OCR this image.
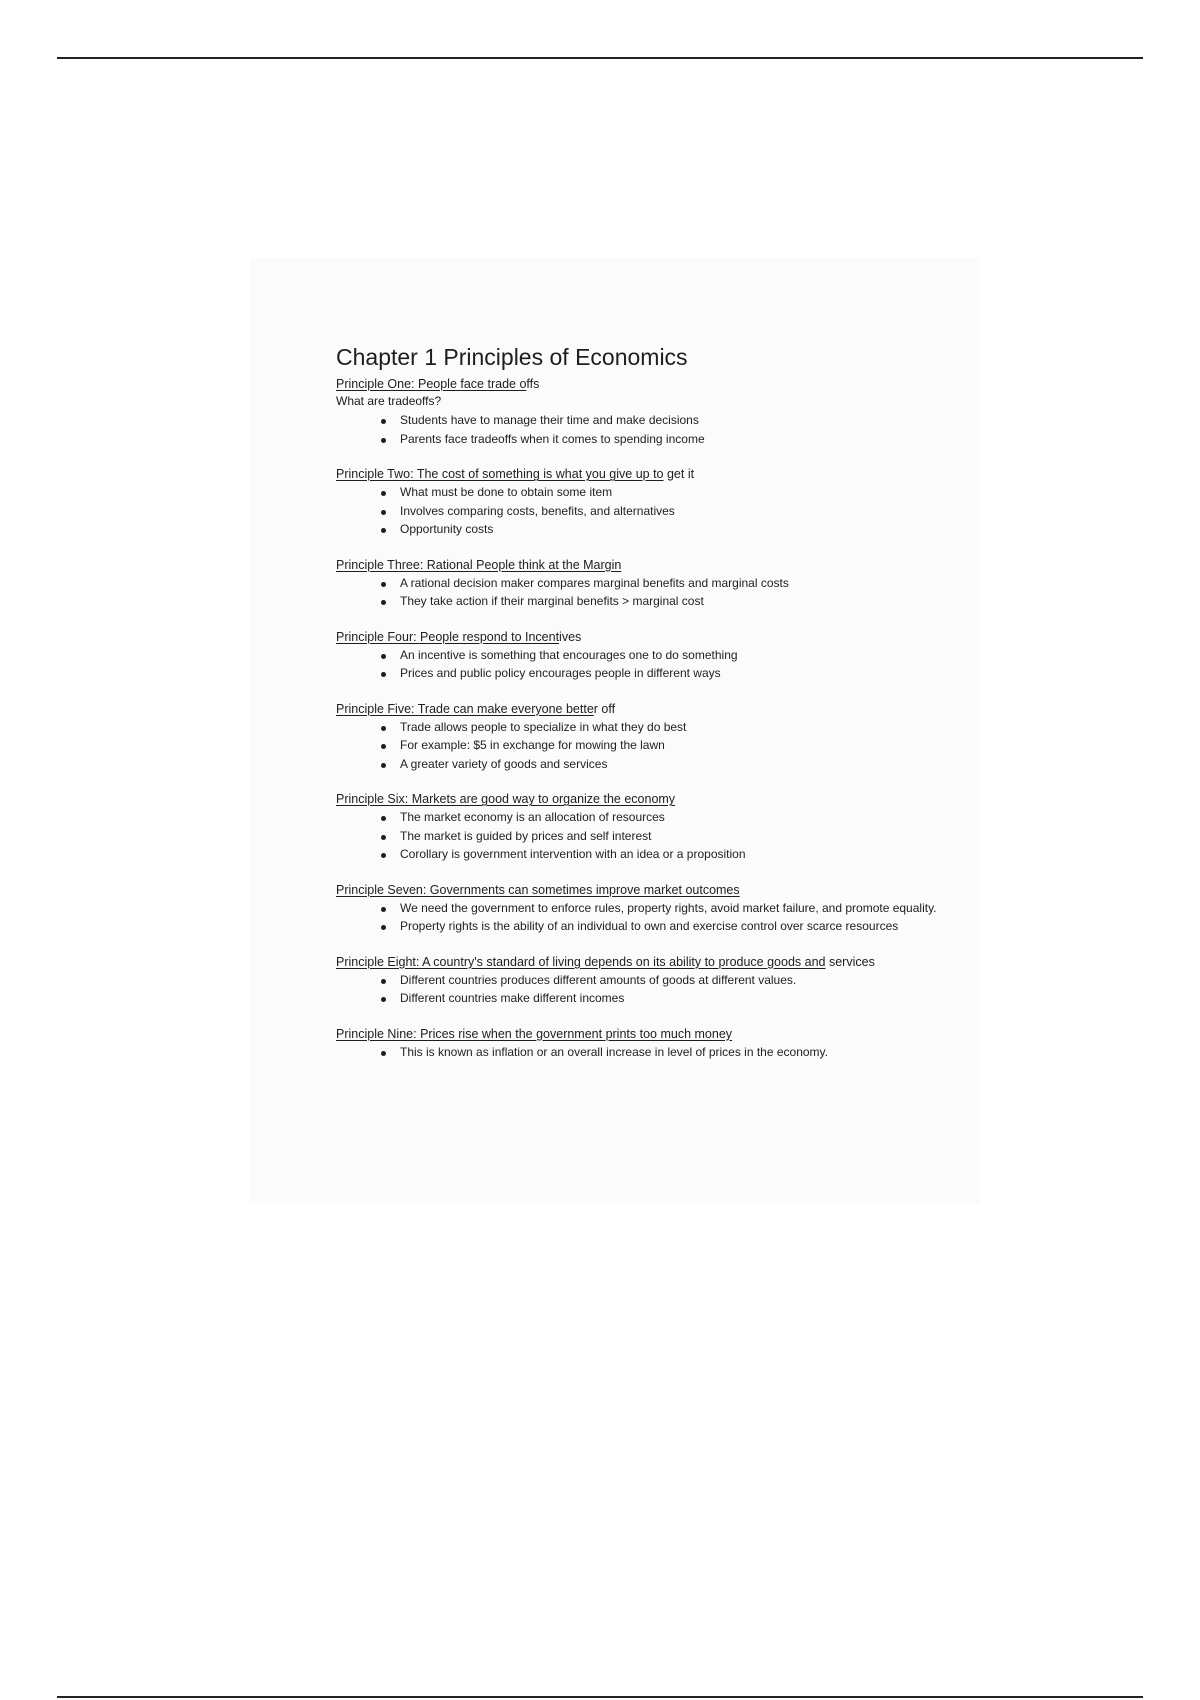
Chapter 1 Principles of Economics

Principle One: People face trade offs

What are tradeoffs?

Students have to manage their time and make decisions
Parents face tradeoffs when it comes to spending income

Principle Two: The cost of something is what you give up to get it

What must be done to obtain some item
Involves comparing costs, benefits, and alternatives
Opportunity costs

Principle Three: Rational People think at the Margin

A rational decision maker compares marginal benefits and marginal costs
They take action if their marginal benefits > marginal cost

Principle Four: People respond to Incentives

An incentive is something that encourages one to do something
Prices and public policy encourages people in different ways

Principle Five: Trade can make everyone better off

Trade allows people to specialize in what they do best
For example: $5 in exchange for mowing the lawn
A greater variety of goods and services

Principle Six: Markets are good way to organize the economy

The market economy is an allocation of resources
The market is guided by prices and self interest
Corollary is government intervention with an idea or a proposition

Principle Seven: Governments can sometimes improve market outcomes

We need the government to enforce rules, property rights, avoid market failure, and promote equality.
Property rights is the ability of an individual to own and exercise control over scarce resources

Principle Eight: A country's standard of living depends on its ability to produce goods and services

Different countries produces different amounts of goods at different values.
Different countries make different incomes

Principle Nine: Prices rise when the government prints too much money

This is known as inflation or an overall increase in level of prices in the economy.
